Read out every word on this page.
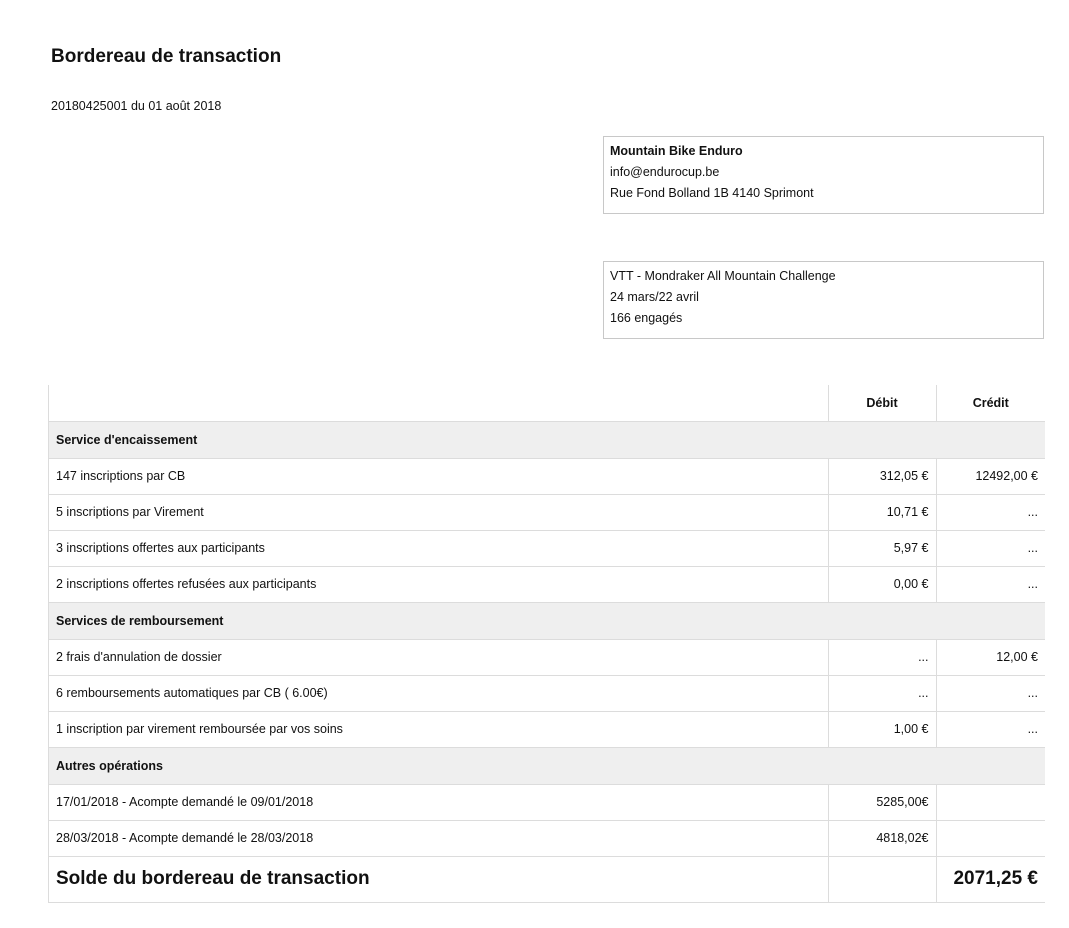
Bordereau de transaction
20180425001 du 01 août 2018
Mountain Bike Enduro
info@endurocup.be
Rue Fond Bolland 1B 4140 Sprimont
VTT - Mondraker All Mountain Challenge
24 mars/22 avril
166 engagés
	Débit	Crédit
Service d'encaissement		
147 inscriptions par CB	312,05 €	12492,00 €
5 inscriptions par Virement	10,71 €	...
3 inscriptions offertes aux participants	5,97 €	...
2 inscriptions offertes refusées aux participants	0,00 €	...
Services de remboursement		
2 frais d'annulation de dossier	...	12,00 €
6 remboursements automatiques par CB ( 6.00€)	...	...
1 inscription par virement remboursée par vos soins	1,00 €	...
Autres opérations		
17/01/2018 - Acompte demandé le 09/01/2018	5285,00€	
28/03/2018 - Acompte demandé le 28/03/2018	4818,02€	
Solde du bordereau de transaction		2071,25 €
